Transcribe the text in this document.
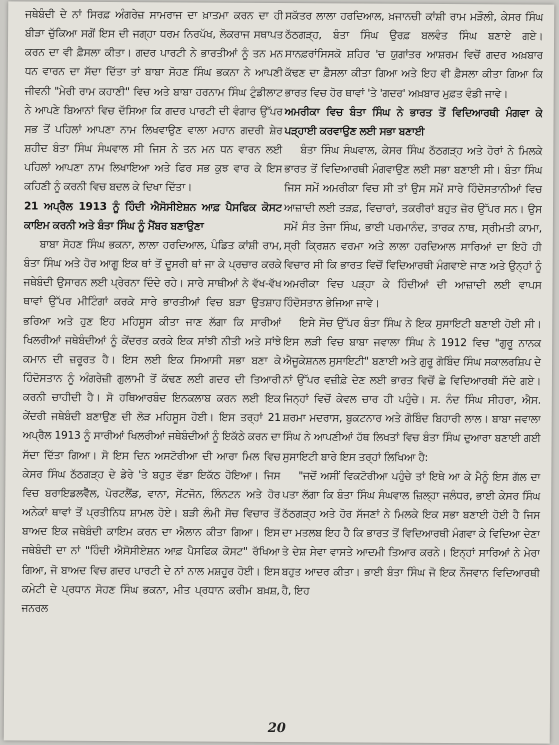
ਜਥੇਬੰਦੀ ਦੇ ਨਾਂ ਸਿਰਫ਼ ਅੰਗਰੇਜ਼ ਸਾਮਰਾਜ ਦਾ ਖ਼ਾਤਮਾ ਕਰਨ ਦਾ ਹੀ ਬੀੜਾ ਚੁੱਕਿਆ ਸਗੋਂ ਇਸ ਦੀ ਜਗ੍ਹਾ ਧਰਮ ਨਿਰਪੱਖ, ਲੋਕਰਾਜ ਸਥਾਪਤ ਕਰਨ ਦਾ ਵੀ ਫ਼ੈਸਲਾ ਕੀਤਾ। ਗਦਰ ਪਾਰਟੀ ਨੇ ਭਾਰਤੀਆਂ ਨੂੰ ਤਨ ਮਨ ਧਨ ਵਾਰਨ ਦਾ ਸੱਦਾ ਦਿੱਤਾ ਤਾਂ ਬਾਬਾ ਸੋਹਣ ਸਿੰਘ ਭਕਨਾ ਨੇ ਆਪਣੀ ਜੀਵਨੀ "ਮੇਰੀ ਰਾਮ ਕਹਾਣੀ" ਵਿਚ ਅਤੇ ਬਾਬਾ ਹਰਨਾਮ ਸਿੰਘ ਟੁੰਡੀਲਾਟ ਨੇ ਆਪਣੇ ਬਿਆਨਾਂ ਵਿਚ ਦੱਸਿਆ ਕਿ ਗਦਰ ਪਾਰਟੀ ਦੀ ਵੰਗਾਰ ਉੱਪਰ ਸਭ ਤੋਂ ਪਹਿਲਾਂ ਆਪਣਾ ਨਾਮ ਲਿਖਵਾਉਣ ਵਾਲਾ ਮਹਾਨ ਗਦਰੀ ਸ਼ੇਰ ਸ਼ਹੀਦ ਬੰਤਾ ਸਿੰਘ ਸੰਘਵਾਲ ਸੀ ਜਿਸ ਨੇ ਤਨ ਮਨ ਧਨ ਵਾਰਨ ਲਈ ਪਹਿਲਾਂ ਆਪਣਾ ਨਾਮ ਲਿਖਾਇਆ ਅਤੇ ਫਿਰ ਸਭ ਕੁਝ ਵਾਰ ਕੇ ਇਸ ਕਹਿਣੀ ਨੂੰ ਕਰਨੀ ਵਿਚ ਬਦਲ ਕੇ ਦਿਖਾ ਦਿੱਤਾ।

21 ਅਪ੍ਰੈਲ 1913 ਨੂੰ ਹਿੰਦੀ ਐਸੋਸੀਏਸ਼ਨ ਆਫ਼ ਪੈਸਫਿਕ ਕੋਸਟ ਕਾਇਮ ਕਰਨੀ ਅਤੇ ਬੰਤਾ ਸਿੰਘ ਨੂੰ ਮੈਂਬਰ ਬਣਾਉਣਾ

ਬਾਬਾ ਸੋਹਣ ਸਿੰਘ ਭਕਨਾ, ਲਾਲਾ ਹਰਦਿਆਲ, ਪੰਡਿਤ ਕਾਂਸ਼ੀ ਰਾਮ, ਬੰਤਾ ਸਿੰਘ ਅਤੇ ਹੋਰ ਆਗੂ ਇਕ ਥਾਂ ਤੋਂ ਦੂਸਰੀ ਥਾਂ ਜਾ ਕੇ ਪ੍ਰਚਾਰ ਕਰਕੇ ਜਥੇਬੰਦੀ ਉਸਾਰਨ ਲਈ ਪ੍ਰੇਰਨਾ ਦਿੰਦੇ ਰਹੇ। ਸਾਰੇ ਸਾਥੀਆਂ ਨੇ ਵੱਖ-ਵੱਖ ਥਾਵਾਂ ਉੱਪਰ ਮੀਟਿੰਗਾਂ ਕਰਕੇ ਸਾਰੇ ਭਾਰਤੀਆਂ ਵਿਚ ਬੜਾ ਉਤਸ਼ਾਹ ਭਰਿਆ ਅਤੇ ਹੁਣ ਇਹ ਮਹਿਸੂਸ ਕੀਤਾ ਜਾਣ ਲੱਗਾ ਕਿ ਸਾਰੀਆਂ ਖਿਲਰੀਆਂ ਜਥੇਬੰਦੀਆਂ ਨੂੰ ਕੇਂਦਰਤ ਕਰਕੇ ਇਕ ਸਾਂਝੀ ਨੀਤੀ ਅਤੇ ਸਾਂਝੇ ਕਮਾਨ ਦੀ ਜ਼ਰੂਰਤ ਹੈ। ਇਸ ਲਈ ਇਕ ਸਿਆਸੀ ਸਭਾ ਬਣਾ ਕੇ ਹਿੰਦੋਸਤਾਨ ਨੂੰ ਅੰਗਰੇਜ਼ੀ ਗੁਲਾਮੀ ਤੋਂ ਕੱਢਣ ਲਈ ਗਦਰ ਦੀ ਤਿਆਰੀ ਕਰਨੀ ਚਾਹੀਦੀ ਹੈ। ਸੋ ਹਥਿਆਰਬੰਦ ਇਨਕਲਾਬ ਕਰਨ ਲਈ ਇਕ ਕੇਂਦਰੀ ਜਥੇਬੰਦੀ ਬਣਾਉਣ ਦੀ ਲੋੜ ਮਹਿਸੂਸ ਹੋਈ। ਇਸ ਤਰ੍ਹਾਂ 21 ਅਪ੍ਰੈਲ 1913 ਨੂੰ ਸਾਰੀਆਂ ਖਿਲਰੀਆਂ ਜਥੇਬੰਦੀਆਂ ਨੂੰ ਇਕੱਠੇ ਕਰਨ ਦਾ ਸੱਦਾ ਦਿੱਤਾ ਗਿਆ। ਸੋ ਇਸ ਦਿਨ ਅਸਟੋਰੀਆ ਦੀ ਆਰਾ ਮਿਲ ਵਿਚ ਕੇਸਰ ਸਿੰਘ ਠੱਠਗੜ੍ਹ ਦੇ ਡੇਰੇ 'ਤੇ ਬਹੁਤ ਵੱਡਾ ਇਕੱਠ ਹੋਇਆ। ਜਿਸ ਵਿਚ ਬਰਾਇਡਲਵੈੱਲ, ਪੋਰਟਲੈਂਡ, ਵਾਨਾ, ਸੇਂਟਜੋਨ, ਲਿੰਨਟਨ ਅਤੇ ਹੋਰ ਅਨੇਕਾਂ ਥਾਵਾਂ ਤੋਂ ਪ੍ਰਤੀਨਿਧ ਸ਼ਾਮਲ ਹੋਏ। ਬੜੀ ਲੰਮੀ ਸੋਚ ਵਿਚਾਰ ਤੋਂ ਬਾਅਦ ਇਕ ਜਥੇਬੰਦੀ ਕਾਇਮ ਕਰਨ ਦਾ ਐਲਾਨ ਕੀਤਾ ਗਿਆ। ਇਸ ਜਥੇਬੰਦੀ ਦਾ ਨਾਂ "ਹਿੰਦੀ ਐਸੋਸੀਏਸ਼ਨ ਆਫ਼ ਪੈਸਫਿਕ ਕੋਸਟ" ਰੱਖਿਆ ਗਿਆ, ਜੋ ਬਾਅਦ ਵਿਚ ਗਦਰ ਪਾਰਟੀ ਦੇ ਨਾਂ ਨਾਲ ਮਸ਼ਹੂਰ ਹੋਈ। ਇਸ ਕਮੇਟੀ ਦੇ ਪ੍ਰਧਾਨ ਸੋਹਣ ਸਿੰਘ ਭਕਨਾ, ਮੀਤ ਪ੍ਰਧਾਨ ਕਰੀਮ ਬਖ਼ਸ਼, ਜਨਰਲ

ਸਕੱਤਰ ਲਾਲਾ ਹਰਦਿਆਲ, ਖ਼ਜਾਨਚੀ ਕਾਂਸ਼ੀ ਰਾਮ ਮੜੌਲੀ, ਕੇਸਰ ਸਿੰਘ ਠੱਠਗੜ੍ਹ, ਬੰਤਾ ਸਿੰਘ ਉਰਫ਼ ਬਲਵੰਤ ਸਿੰਘ ਬਣਾਏ ਗਏ। ਸਾਨਫ਼ਰਾਂਸਿਸਕੋ ਸ਼ਹਿਰ 'ਚ ਯੁਗਾਂਤਰ ਆਸ਼ਰਮ ਵਿਚੋਂ ਗਦਰ ਅਖ਼ਬਾਰ ਕੱਢਣ ਦਾ ਫ਼ੈਸਲਾ ਕੀਤਾ ਗਿਆ ਅਤੇ ਇਹ ਵੀ ਫ਼ੈਸਲਾ ਕੀਤਾ ਗਿਆ ਕਿ ਭਾਰਤ ਵਿਚ ਹੋਰ ਥਾਵਾਂ 'ਤੇ 'ਗਦਰ' ਅਖ਼ਬਾਰ ਮੁਫ਼ਤ ਵੰਡੀ ਜਾਵੇ।

ਅਮਰੀਕਾ ਵਿਚ ਬੰਤਾ ਸਿੰਘ ਨੇ ਭਾਰਤ ਤੋਂ ਵਿਦਿਆਰਥੀ ਮੰਗਵਾ ਕੇ ਪੜ੍ਹਾਈ ਕਰਵਾਉਣ ਲਈ ਸਭਾ ਬਣਾਈ

ਬੰਤਾ ਸਿੰਘ ਸੰਘਵਾਲ, ਕੇਸਰ ਸਿੰਘ ਠੱਠਗੜ੍ਹ ਅਤੇ ਹੋਰਾਂ ਨੇ ਮਿਲਕੇ ਭਾਰਤ ਤੋਂ ਵਿਦਿਆਰਥੀ ਮੰਗਵਾਉਣ ਲਈ ਸਭਾ ਬਣਾਈ ਸੀ। ਬੰਤਾ ਸਿੰਘ ਜਿਸ ਸਮੇਂ ਅਮਰੀਕਾ ਵਿਚ ਸੀ ਤਾਂ ਉਸ ਸਮੇਂ ਸਾਰੇ ਹਿੰਦੋਸਤਾਨੀਆਂ ਵਿਚ ਆਜ਼ਾਦੀ ਲਈ ਤੜਫ਼, ਵਿਚਾਰਾਂ, ਤਕਰੀਰਾਂ ਬਹੁਤ ਜ਼ੋਰ ਉੱਪਰ ਸਨ। ਉਸ ਸਮੇਂ ਸੰਤ ਤੇਜਾ ਸਿੰਘ, ਭਾਈ ਪਰਮਾਨੰਦ, ਤਾਰਕ ਨਾਥ, ਸ੍ਰੀਮਤੀ ਕਾਮਾ, ਸ੍ਰੀ ਕ੍ਰਿਸ਼ਨ ਵਰਮਾ ਅਤੇ ਲਾਲਾ ਹਰਦਿਆਲ ਸਾਰਿਆਂ ਦਾ ਇਹੋ ਹੀ ਵਿਚਾਰ ਸੀ ਕਿ ਭਾਰਤ ਵਿਚੋਂ ਵਿਦਿਆਰਥੀ ਮੰਗਵਾਏ ਜਾਣ ਅਤੇ ਉਨ੍ਹਾਂ ਨੂੰ ਅਮਰੀਕਾ ਵਿਚ ਪੜ੍ਹਾ ਕੇ ਹਿੰਦੀਆਂ ਦੀ ਆਜ਼ਾਦੀ ਲਈ ਵਾਪਸ ਹਿੰਦੋਸਤਾਨ ਭੇਜਿਆ ਜਾਵੇ।

ਇਸੇ ਸੋਚ ਉੱਪਰ ਬੰਤਾ ਸਿੰਘ ਨੇ ਇਕ ਸੁਸਾਇਟੀ ਬਣਾਈ ਹੋਈ ਸੀ। ਇਸ ਲੜੀ ਵਿਚ ਬਾਬਾ ਜਵਾਲਾ ਸਿੰਘ ਨੇ 1912 ਵਿਚ "ਗੁਰੂ ਨਾਨਕ ਐਜੂਕੇਸ਼ਨਲ ਸੁਸਾਇਟੀ" ਬਣਾਈ ਅਤੇ ਗੁਰੂ ਗੋਬਿੰਦ ਸਿੰਘ ਸਕਾਲਰਸ਼ਿਪ ਦੇ ਨਾਂ ਉੱਪਰ ਵਜ਼ੀਫ਼ੇ ਦੇਣ ਲਈ ਭਾਰਤ ਵਿਚੋਂ ਛੇ ਵਿਦਿਆਰਥੀ ਸੱਦੇ ਗਏ। ਜਿਨ੍ਹਾਂ ਵਿਚੋਂ ਕੇਵਲ ਚਾਰ ਹੀ ਪਹੁੰਚੇ। ਸ. ਨੰਦ ਸਿੰਘ ਸੀਹਰਾ, ਐਸ. ਸ਼ਰਮਾ ਮਦਰਾਸ, ਬੁਕਟਨਾਰ ਅਤੇ ਗੋਬਿੰਦ ਬਿਹਾਰੀ ਲਾਲ। ਬਾਬਾ ਜਵਾਲਾ ਸਿੰਘ ਨੇ ਆਪਣੀਆਂ ਹੱਥ ਲਿਖਤਾਂ ਵਿਚ ਬੰਤਾ ਸਿੰਘ ਦੁਆਰਾ ਬਣਾਈ ਗਈ ਸੁਸਾਇਟੀ ਬਾਰੇ ਇਸ ਤਰ੍ਹਾਂ ਲਿਖਿਆ ਹੈ:

"ਜਦੋਂ ਅਸੀਂ ਵਿਕਟੋਰੀਆ ਪਹੁੰਚੇ ਤਾਂ ਇਥੇ ਆ ਕੇ ਮੈਨੂੰ ਇਸ ਗੱਲ ਦਾ ਪਤਾ ਲੱਗਾ ਕਿ ਬੰਤਾ ਸਿੰਘ ਸੰਘਵਾਲ ਜ਼ਿਲ੍ਹਾ ਜਲੰਧਰ, ਭਾਈ ਕੇਸਰ ਸਿੰਘ ਠੱਠਗੜ੍ਹ ਅਤੇ ਹੋਰ ਸੱਜਣਾਂ ਨੇ ਮਿਲਕੇ ਇਕ ਸਭਾ ਬਣਾਈ ਹੋਈ ਹੈ ਜਿਸ ਦਾ ਮਤਲਬ ਇਹ ਹੈ ਕਿ ਭਾਰਤ ਤੋਂ ਵਿਦਿਆਰਥੀ ਮੰਗਵਾ ਕੇ ਵਿਦਿਆ ਦੇਣਾ ਤੇ ਦੇਸ਼ ਸੇਵਾ ਵਾਸਤੇ ਆਦਮੀ ਤਿਆਰ ਕਰਨੇ। ਇਨ੍ਹਾਂ ਸਾਰਿਆਂ ਨੇ ਮੇਰਾ ਬਹੁਤ ਆਦਰ ਕੀਤਾ। ਭਾਈ ਬੰਤਾ ਸਿੰਘ ਜੋ ਇਕ ਨੌਜਵਾਨ ਵਿਦਿਆਰਥੀ ਹੈ, ਇਹ

20
